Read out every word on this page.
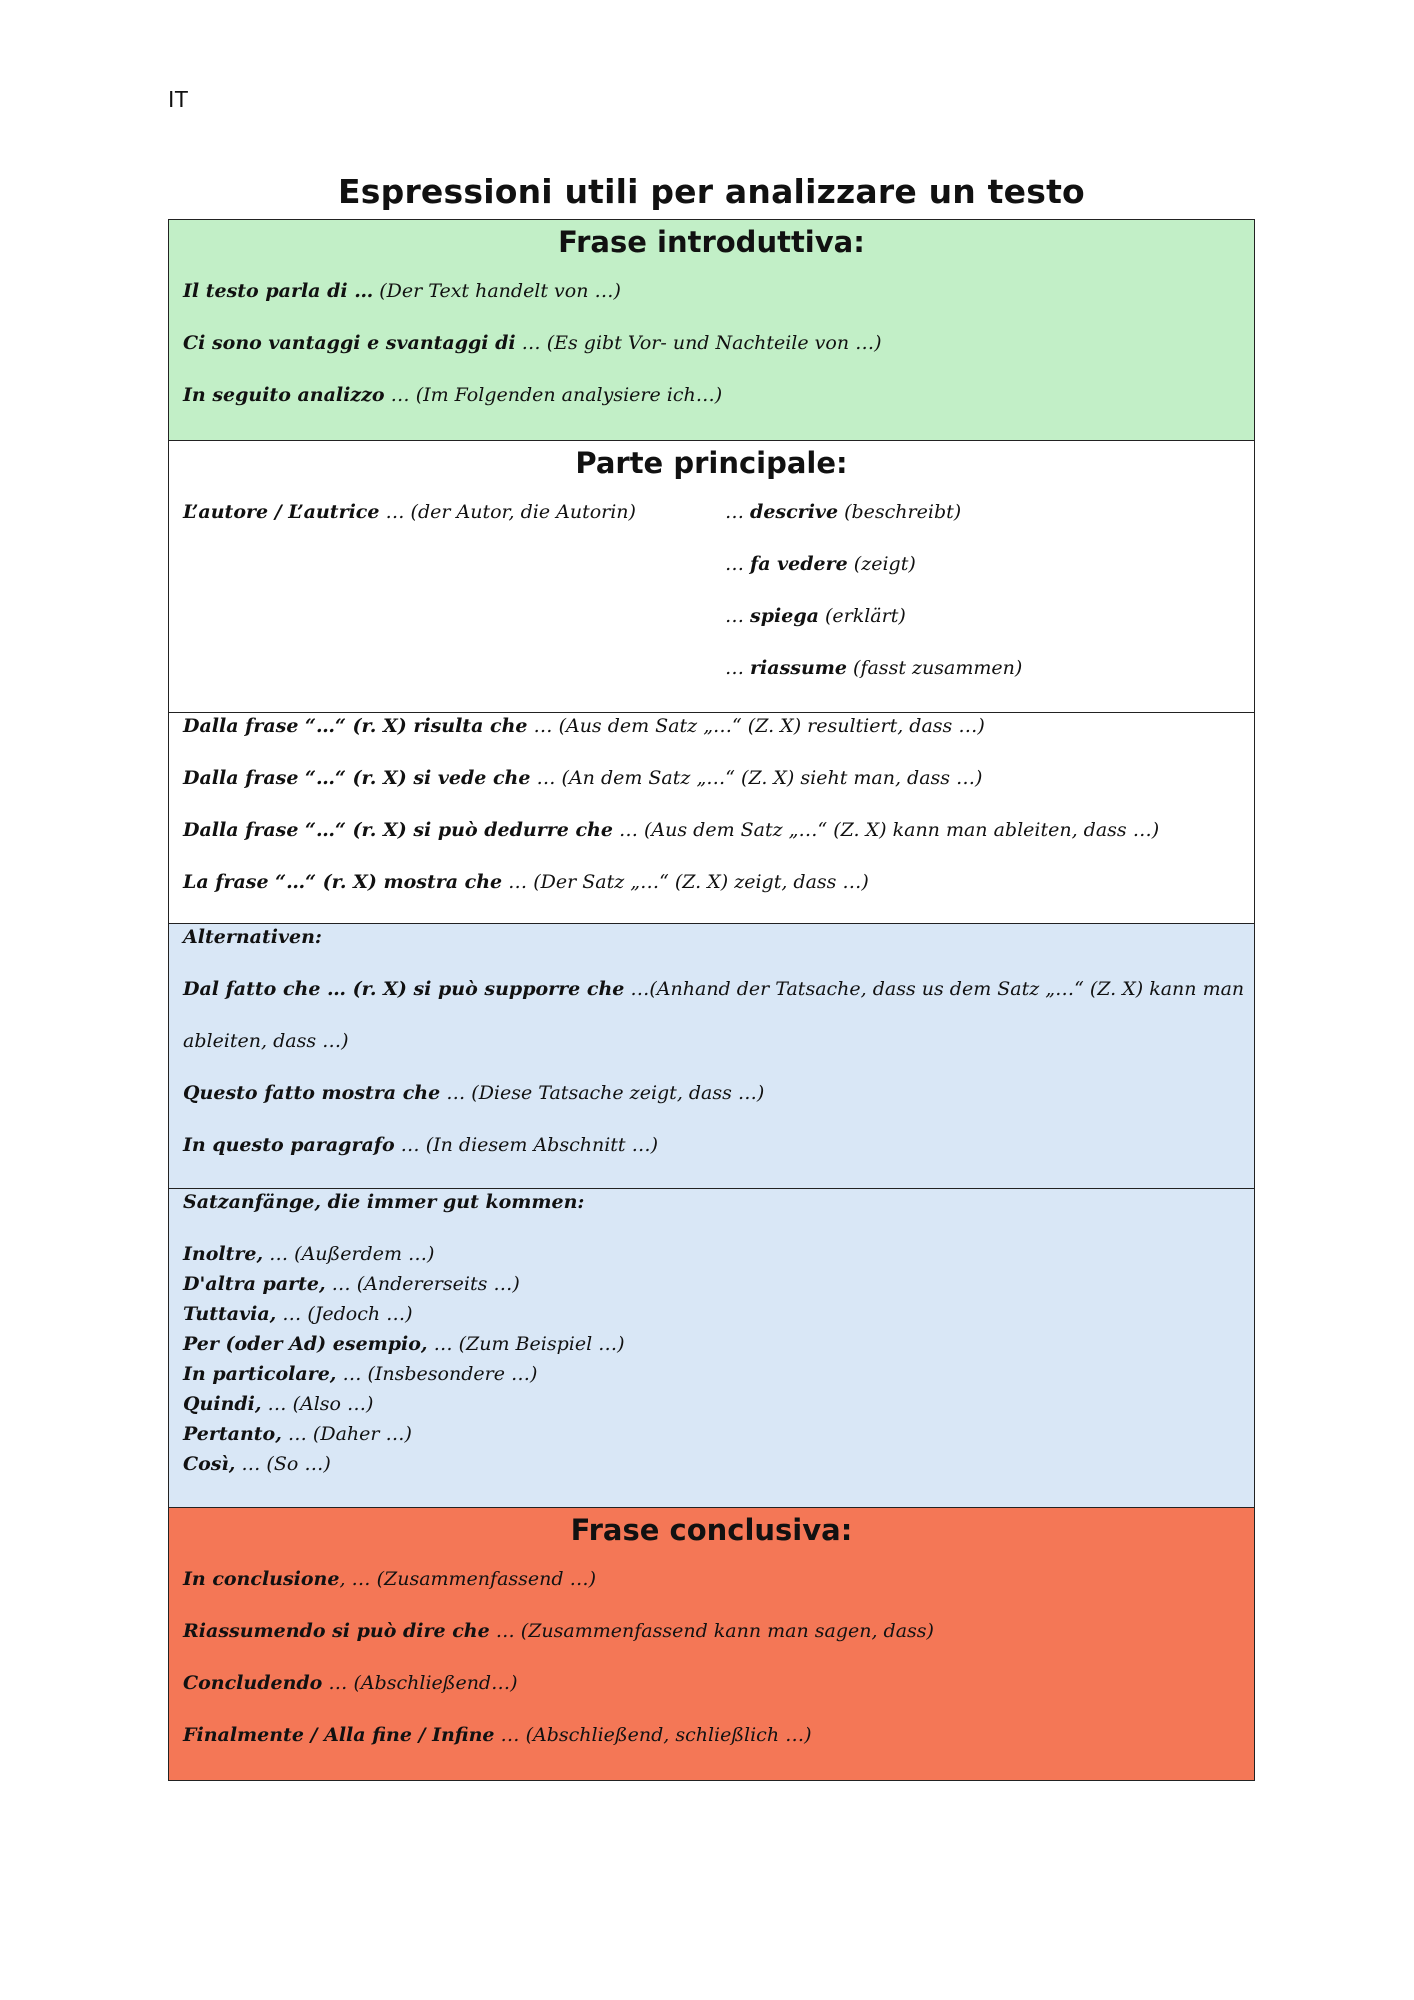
IT
Espressioni utili per analizzare un testo
Frase introduttiva:
Il testo parla di … (Der Text handelt von …)
Ci sono vantaggi e svantaggi di … (Es gibt Vor- und Nachteile von …)
In seguito analizzo … (Im Folgenden analysiere ich…)
Parte principale:
L’autore / L’autrice … (der Autor, die Autorin)	… descrive (beschreibt)
… fa vedere (zeigt)
… spiega (erklärt)
… riassume (fasst zusammen)
Dalla frase “…“ (r. X) risulta che … (Aus dem Satz „…“ (Z. X) resultiert, dass …)
Dalla frase “…“ (r. X) si vede che … (An dem Satz „…“ (Z. X) sieht man, dass …)
Dalla frase “…“ (r. X) si può dedurre che … (Aus dem Satz „…“ (Z. X) kann man ableiten, dass …)
La frase “…“ (r. X) mostra che … (Der Satz „…“ (Z. X) zeigt, dass …)
Alternativen:
Dal fatto che … (r. X) si può supporre che …(Anhand der Tatsache, dass us dem Satz „…“ (Z. X) kann man
ableiten, dass …)
Questo fatto mostra che … (Diese Tatsache zeigt, dass …)
In questo paragrafo … (In diesem Abschnitt …)
Satzanfänge, die immer gut kommen:
Inoltre, … (Außerdem …)
D'altra parte, … (Andererseits …)
Tuttavia, … (Jedoch …)
Per (oder Ad) esempio, … (Zum Beispiel …)
In particolare, … (Insbesondere …)
Quindi, … (Also …)
Pertanto, … (Daher …)
Così, … (So …)
Frase conclusiva:
In conclusione, … (Zusammenfassend …)
Riassumendo si può dire che … (Zusammenfassend kann man sagen, dass)
Concludendo … (Abschließend…)
Finalmente / Alla fine / Infine … (Abschließend, schließlich …)
